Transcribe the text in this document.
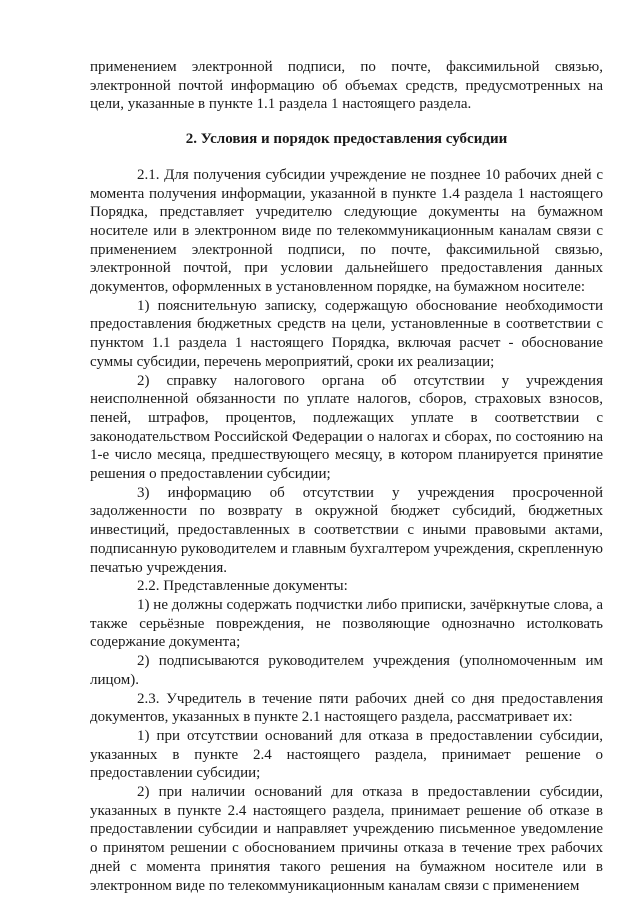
применением электронной подписи, по почте, факсимильной связью, электронной почтой информацию об объемах средств, предусмотренных на цели, указанные в пункте 1.1 раздела 1 настоящего раздела.

2. Условия и порядок предоставления субсидии

2.1. Для получения субсидии учреждение не позднее 10 рабочих дней с момента получения информации, указанной в пункте 1.4 раздела 1 настоящего Порядка, представляет учредителю следующие документы на бумажном носителе или в электронном виде по телекоммуникационным каналам связи с применением электронной подписи, по почте, факсимильной связью, электронной почтой, при условии дальнейшего предоставления данных документов, оформленных в установленном порядке, на бумажном носителе:

1) пояснительную записку, содержащую обоснование необходимости предоставления бюджетных средств на цели, установленные в соответствии с пунктом 1.1 раздела 1 настоящего Порядка, включая расчет - обоснование суммы субсидии, перечень мероприятий, сроки их реализации;

2) справку налогового органа об отсутствии у учреждения неисполненной обязанности по уплате налогов, сборов, страховых взносов, пеней, штрафов, процентов, подлежащих уплате в соответствии с законодательством Российской Федерации о налогах и сборах, по состоянию на 1-е число месяца, предшествующего месяцу, в котором планируется принятие решения о предоставлении субсидии;

3) информацию об отсутствии у учреждения просроченной задолженности по возврату в окружной бюджет субсидий, бюджетных инвестиций, предоставленных в соответствии с иными правовыми актами, подписанную руководителем и главным бухгалтером учреждения, скрепленную печатью учреждения.

2.2. Представленные документы:

1) не должны содержать подчистки либо приписки, зачёркнутые слова, а также серьёзные повреждения, не позволяющие однозначно истолковать содержание документа;

2) подписываются руководителем учреждения (уполномоченным им лицом).

2.3. Учредитель в течение пяти рабочих дней со дня предоставления документов, указанных в пункте 2.1 настоящего раздела, рассматривает их:

1) при отсутствии оснований для отказа в предоставлении субсидии, указанных в пункте 2.4 настоящего раздела, принимает решение о предоставлении субсидии;

2) при наличии оснований для отказа в предоставлении субсидии, указанных в пункте 2.4 настоящего раздела, принимает решение об отказе в предоставлении субсидии и направляет учреждению письменное уведомление о принятом решении с обоснованием причины отказа в течение трех рабочих дней с момента принятия такого решения на бумажном носителе или в электронном виде по телекоммуникационным каналам связи с применением
